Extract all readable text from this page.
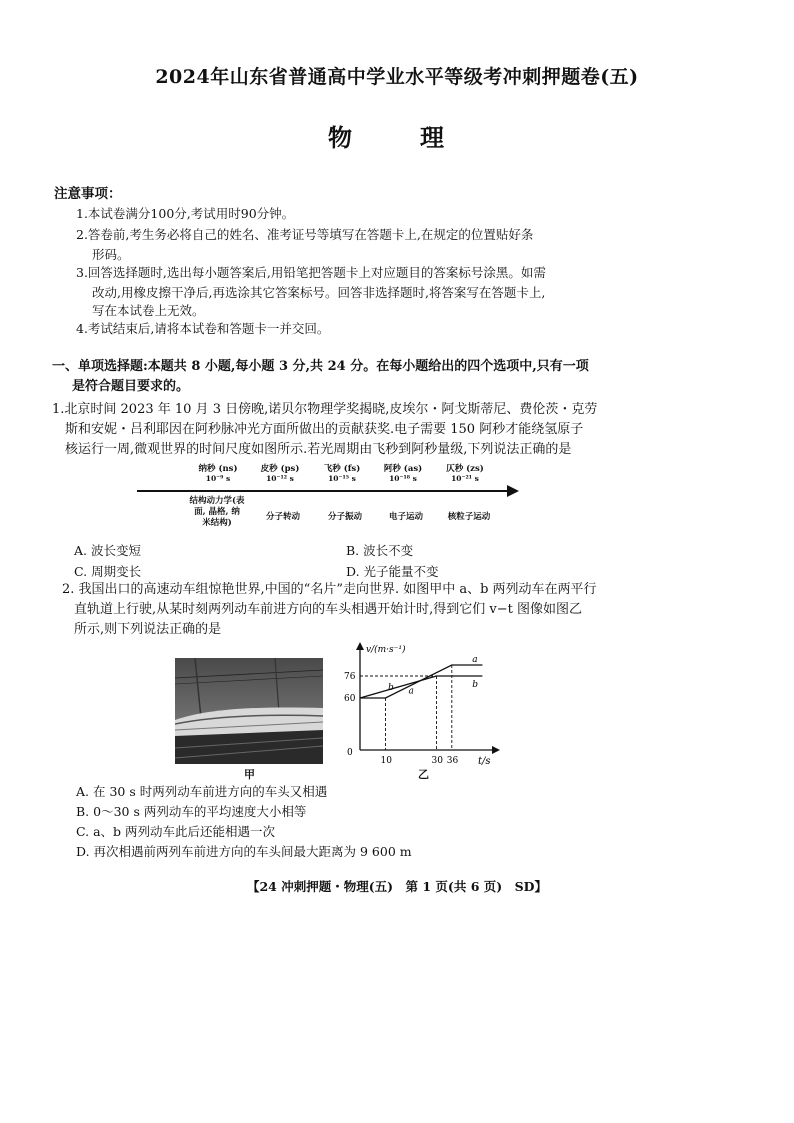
2024年山东省普通高中学业水平等级考冲刺押题卷(五)
物　理
注意事项：
1.本试卷满分100分,考试用时90分钟。
2.答卷前,考生务必将自己的姓名、准考证号等填写在答题卡上,在规定的位置贴好条
形码。
3.回答选择题时,选出每小题答案后,用铅笔把答题卡上对应题目的答案标号涂黑。如需
改动,用橡皮擦干净后,再选涂其它答案标号。回答非选择题时,将答案写在答题卡上,
写在本试卷上无效。
4.考试结束后,请将本试卷和答题卡一并交回。
一、单项选择题:本题共 8 小题,每小题 3 分,共 24 分。在每小题给出的四个选项中,只有一项
是符合题目要求的。
1.北京时间 2023 年 10 月 3 日傍晚,诺贝尔物理学奖揭晓,皮埃尔・阿戈斯蒂尼、费伦茨・克劳
斯和安妮・吕利耶因在阿秒脉冲光方面所做出的贡献获奖.电子需要 150 阿秒才能绕氢原子
核运行一周,微观世界的时间尺度如图所示.若光周期由飞秒到阿秒量级,下列说法正确的是
纳秒 (ns)
10⁻⁹ s
皮秒 (ps)
10⁻¹² s
飞秒 (fs)
10⁻¹⁵ s
阿秒 (as)
10⁻¹⁸ s
仄秒 (zs)
10⁻²¹ s
结构动力学(表
面, 晶格, 纳
米结构)
分子转动	分子振动	电子运动	核粒子运动
A. 波长变短	B. 波长不变
C. 周期变长	D. 光子能量不变
2. 我国出口的高速动车组惊艳世界,中国的“名片”走向世界. 如图甲中 a、b 两列动车在两平行
直轨道上行驶,从某时刻两列动车前进方向的车头相遇开始计时,得到它们 v−t 图像如图乙
所示,则下列说法正确的是
甲
v/(m·s⁻¹)
t/s
0
10	30 36
60
76
a
b
a
b
乙
A. 在 30 s 时两列动车前进方向的车头又相遇
B. 0～30 s 两列动车的平均速度大小相等
C. a、b 两列动车此后还能相遇一次
D. 再次相遇前两列车前进方向的车头间最大距离为 9 600 m
【24 冲刺押题・物理(五)　第 1 页(共 6 页)　SD】
